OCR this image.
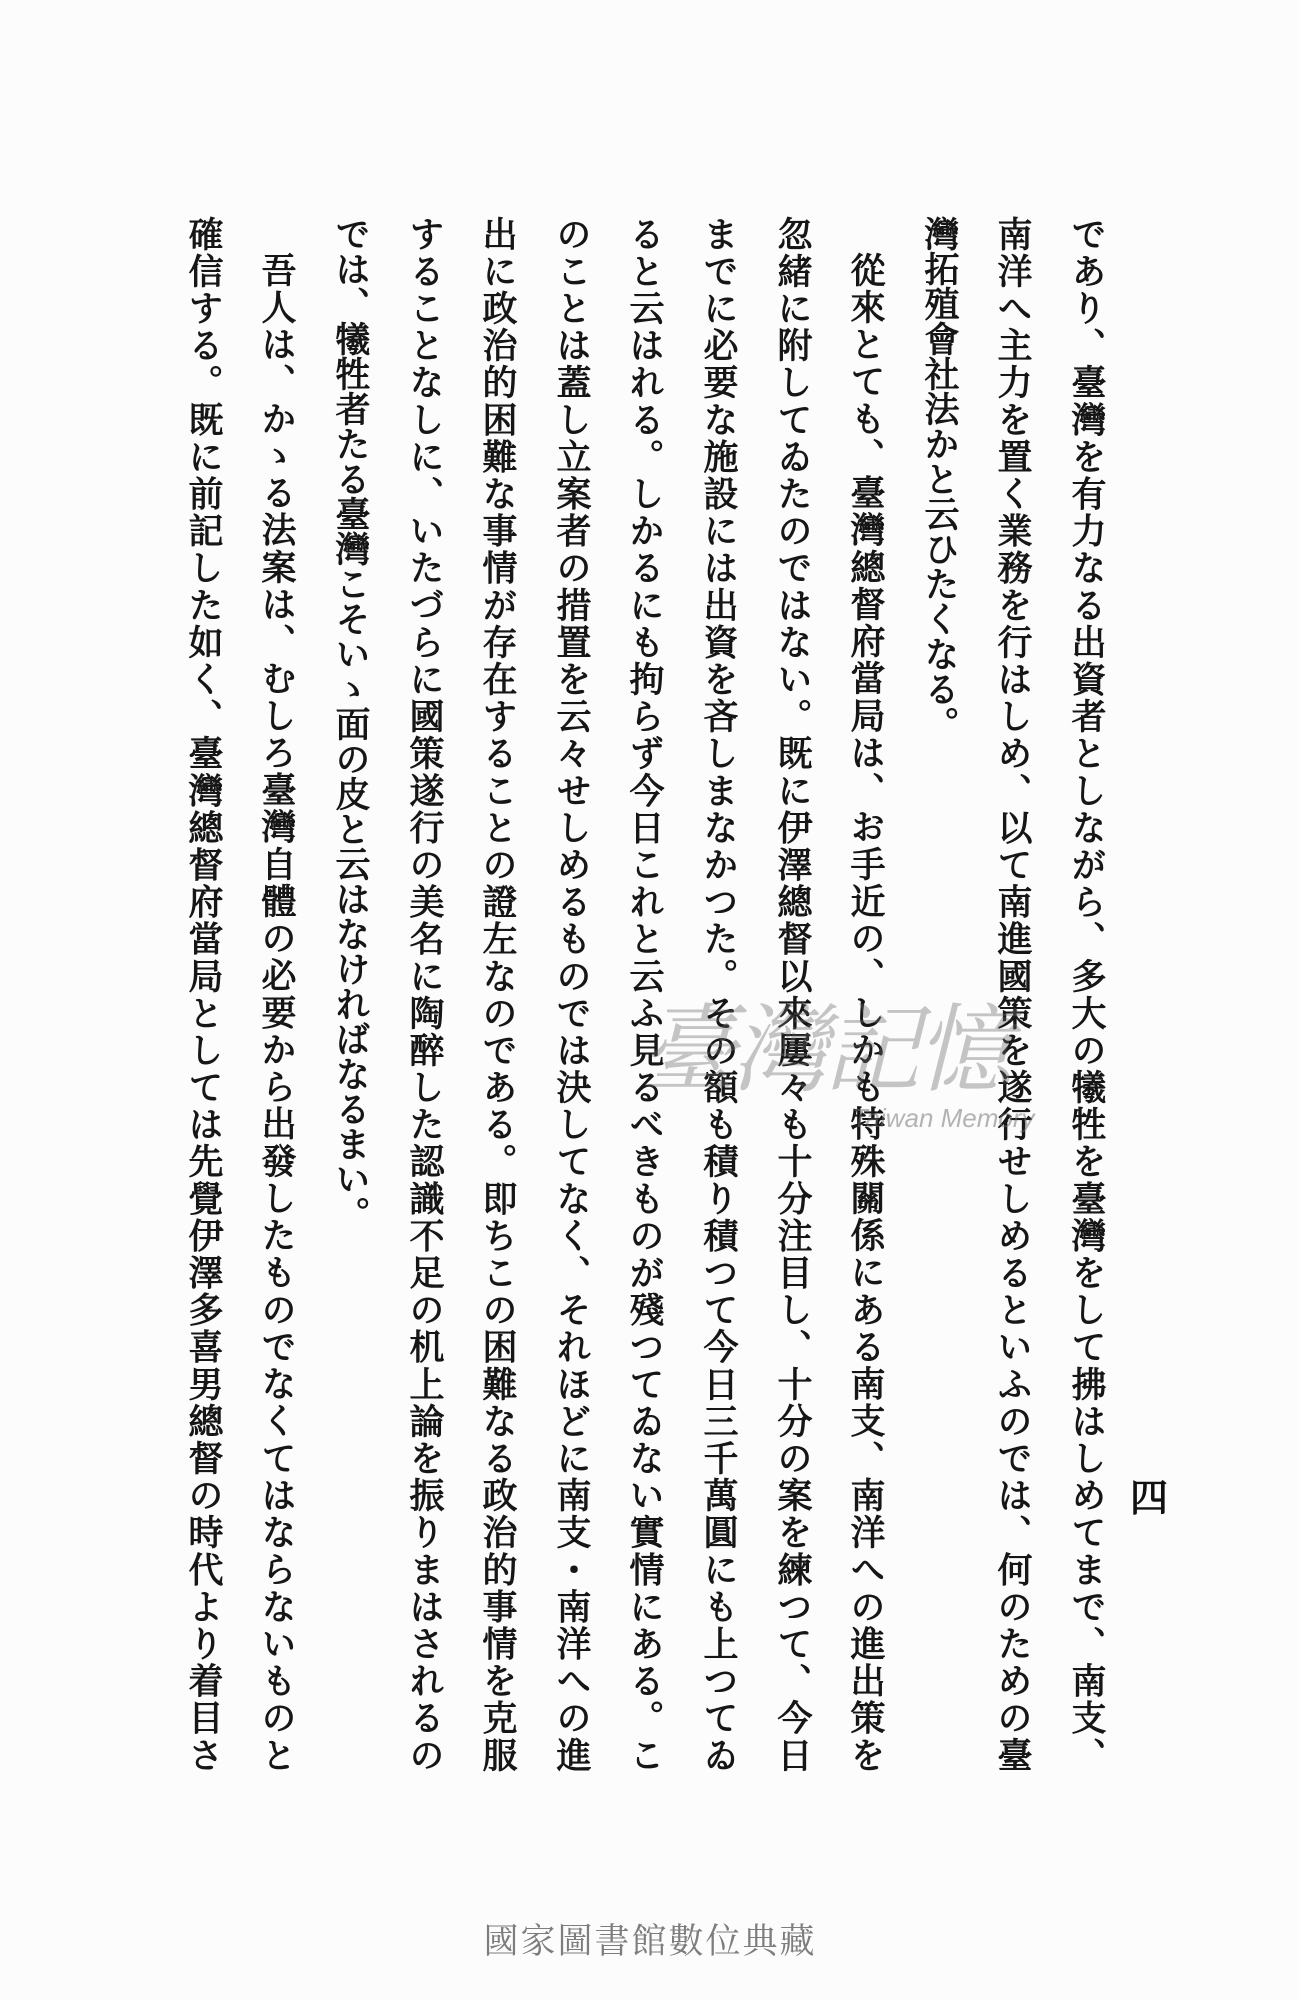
四
であり、臺灣を有力なる出資者としながら、多大の犧牲を臺灣をして拂はしめてまで、南支、
南洋へ主力を置く業務を行はしめ、以て南進國策を遂行せしめるといふのでは、何のための臺
灣拓殖會社法かと云ひたくなる。
從來とても、臺灣總督府當局は、お手近の、しかも特殊關係にある南支、南洋への進出策を
忽緒に附してゐたのではない。既に伊澤總督以來屢々も十分注目し、十分の案を練つて、今日
までに必要な施設には出資を吝しまなかつた。その額も積り積つて今日三千萬圓にも上つてゐ
ると云はれる。しかるにも拘らず今日これと云ふ見るべきものが殘つてゐない實情にある。こ
のことは蓋し立案者の措置を云々せしめるものでは決してなく、それほどに南支・南洋への進
出に政治的困難な事情が存在することの證左なのである。即ちこの困難なる政治的事情を克服
することなしに、いたづらに國策遂行の美名に陶醉した認識不足の机上論を振りまはされるの
では、犧牲者たる臺灣こそいゝ面の皮と云はなければなるまい。
吾人は、かゝる法案は、むしろ臺灣自體の必要から出發したものでなくてはならないものと
確信する。既に前記した如く、臺灣總督府當局としては先覺伊澤多喜男總督の時代より着目さ	臺灣記憶
Taiwan Memory
國家圖書館數位典藏
